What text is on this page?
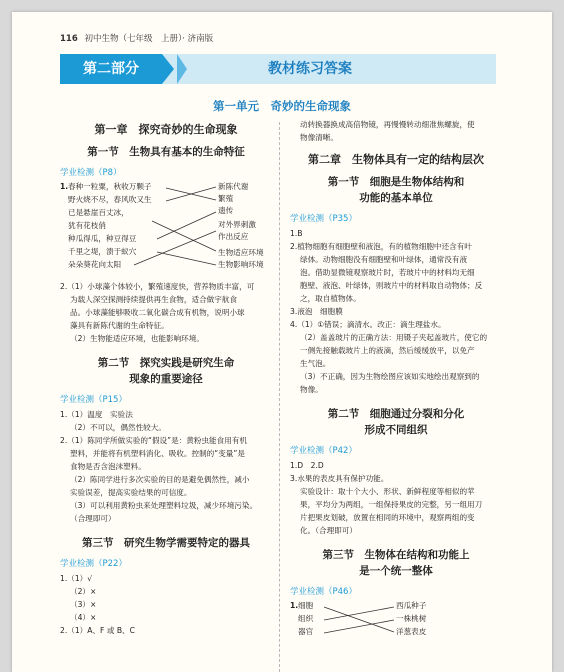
116 初中生物（七年级　上册）· 济南版
第二部分	教材练习答案
第一单元　奇妙的生命现象
第一章　探究奇妙的生命现象
第一节　生物具有基本的生命特征
学业检测（P8）
1. 春种一粒粟，秋收万颗子
野火烧不尽，春风吹又生
已是悬崖百丈冰，
犹有花枝俏
种瓜得瓜，种豆得豆
千里之堤，溃于蚁穴
朵朵葵花向太阳
新陈代谢
繁殖
遗传
对外界刺激
作出反应
生物适应环境
生物影响环境

2.（1）小球藻个体较小，繁殖速度快，营养物质丰富，可

为载人深空探测持续提供再生食物，适合做宇航食

品。小球藻能够吸收二氧化碳合成有机物，说明小球

藻具有新陈代谢的生命特征。

（2）生物能适应环境，也能影响环境。

第二节　探究实践是研究生命
现象的重要途径
学业检测（P15）

1.（1）温度　实验法

（2）不可以，偶然性较大。

2.（1）陈同学所做实验的“假设”是：黄粉虫能食用有机

塑料，并能将有机塑料消化、吸收。控制的“变量”是

食物是否含泡沫塑料。

（2）陈同学进行多次实验的目的是避免偶然性，减小

实验误差，提高实验结果的可信度。

（3）可以利用黄粉虫来处理塑料垃圾，减少环境污染。

（合理即可）

第三节　研究生物学需要特定的器具
学业检测（P22）

1.（1）√

（2）×

（3）×

（4）×

2.（1）A、F 或 B、C

动转换器换成高倍物镜，再慢慢转动细准焦螺旋，使

物像清晰。

第二章　生物体具有一定的结构层次
第一节　细胞是生物体结构和
功能的基本单位
学业检测（P35）

1.B

2.植物细胞有细胞壁和液泡，有的植物细胞中还含有叶

绿体。动物细胞没有细胞壁和叶绿体，通常没有液

泡。借助显微镜观察玻片时，若玻片中的材料均无细

胞壁、液泡、叶绿体，则玻片中的材料取自动物体；反

之，取自植物体。

3.液泡　细胞膜

4.（1）①错误；滴清水。改正：滴生理盐水。

（2）盖盖玻片的正确方法：用镊子夹起盖玻片，使它的

一侧先接触载玻片上的液滴，然后缓缓放平，以免产

生气泡。

（3）不正确，因为生物绘图应该如实地绘出观察到的

物像。

第二节　细胞通过分裂和分化
形成不同组织
学业检测（P42）

1.D　2.D

3.水果的表皮具有保护功能。

实验设计：取十个大小、形状、新鲜程度等相似的苹

果，平均分为两组，一组保持果皮的完整，另一组用刀

片把果皮划破，放置在相同的环境中，观察两组的变

化。（合理即可）

第三节　生物体在结构和功能上
是一个统一整体
学业检测（P46）
1. 细胞
组织
器官
西瓜种子
一株桃树
洋葱表皮
